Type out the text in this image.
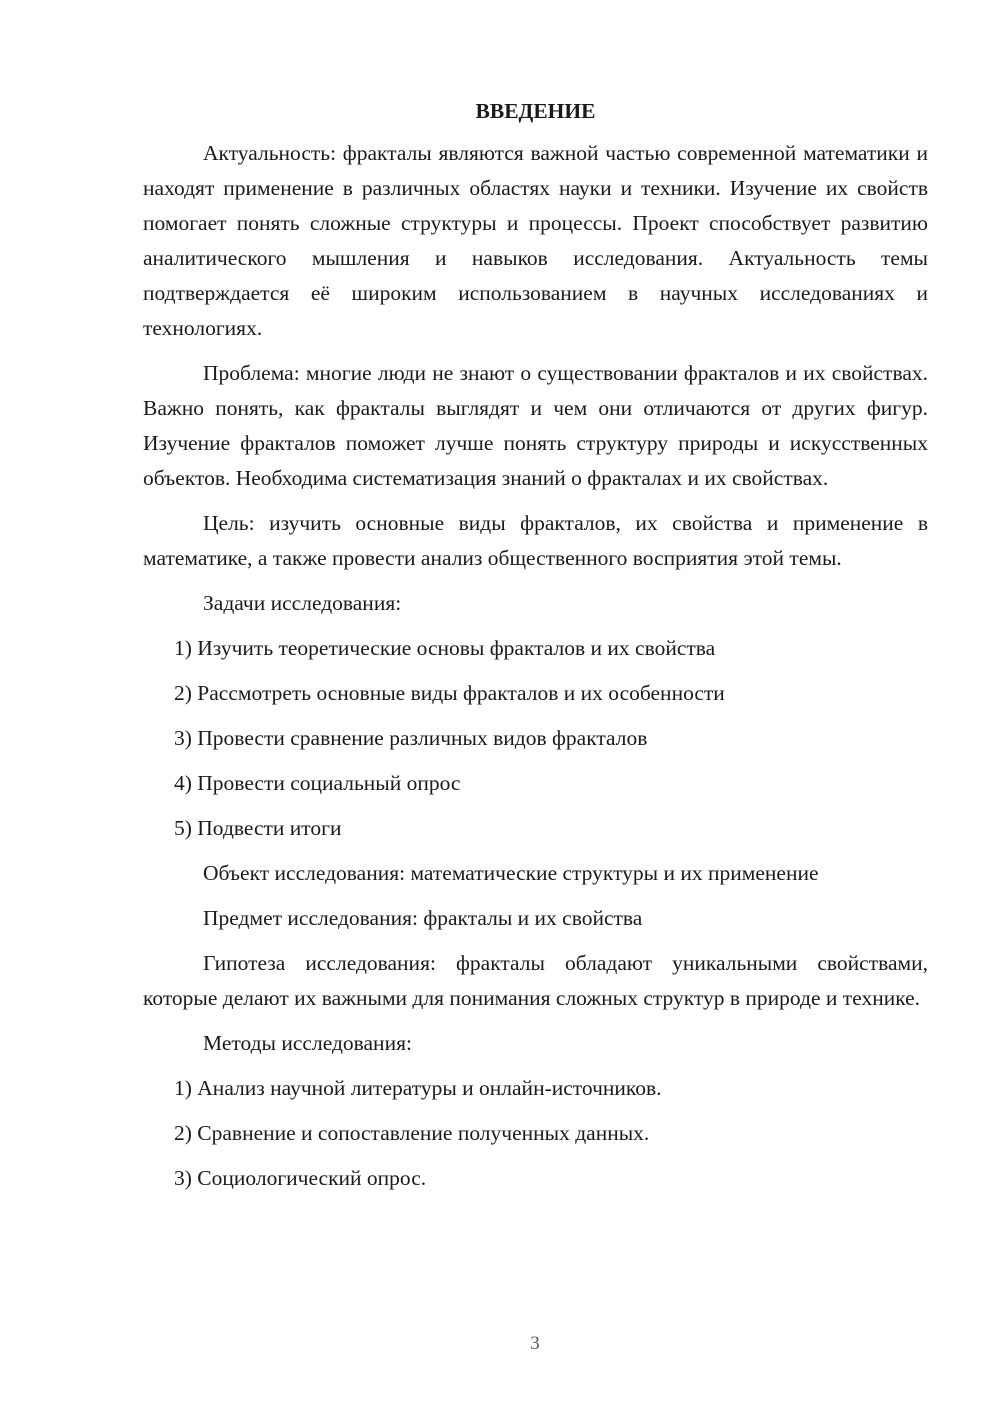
ВВЕДЕНИЕ
Актуальность: фракталы являются важной частью современной математики и находят применение в различных областях науки и техники. Изучение их свойств помогает понять сложные структуры и процессы. Проект способствует развитию аналитического мышления и навыков исследования. Актуальность темы подтверждается её широким использованием в научных исследованиях и технологиях.
Проблема: многие люди не знают о существовании фракталов и их свойствах. Важно понять, как фракталы выглядят и чем они отличаются от других фигур. Изучение фракталов поможет лучше понять структуру природы и искусственных объектов. Необходима систематизация знаний о фракталах и их свойствах.
Цель: изучить основные виды фракталов, их свойства и применение в математике, а также провести анализ общественного восприятия этой темы.
Задачи исследования:
1) Изучить теоретические основы фракталов и их свойства
2) Рассмотреть основные виды фракталов и их особенности
3) Провести сравнение различных видов фракталов
4) Провести социальный опрос
5) Подвести итоги
Объект исследования: математические структуры и их применение
Предмет исследования: фракталы и их свойства
Гипотеза исследования: фракталы обладают уникальными свойствами, которые делают их важными для понимания сложных структур в природе и технике.
Методы исследования:
1) Анализ научной литературы и онлайн-источников.
2) Сравнение и сопоставление полученных данных.
3) Социологический опрос.
3
